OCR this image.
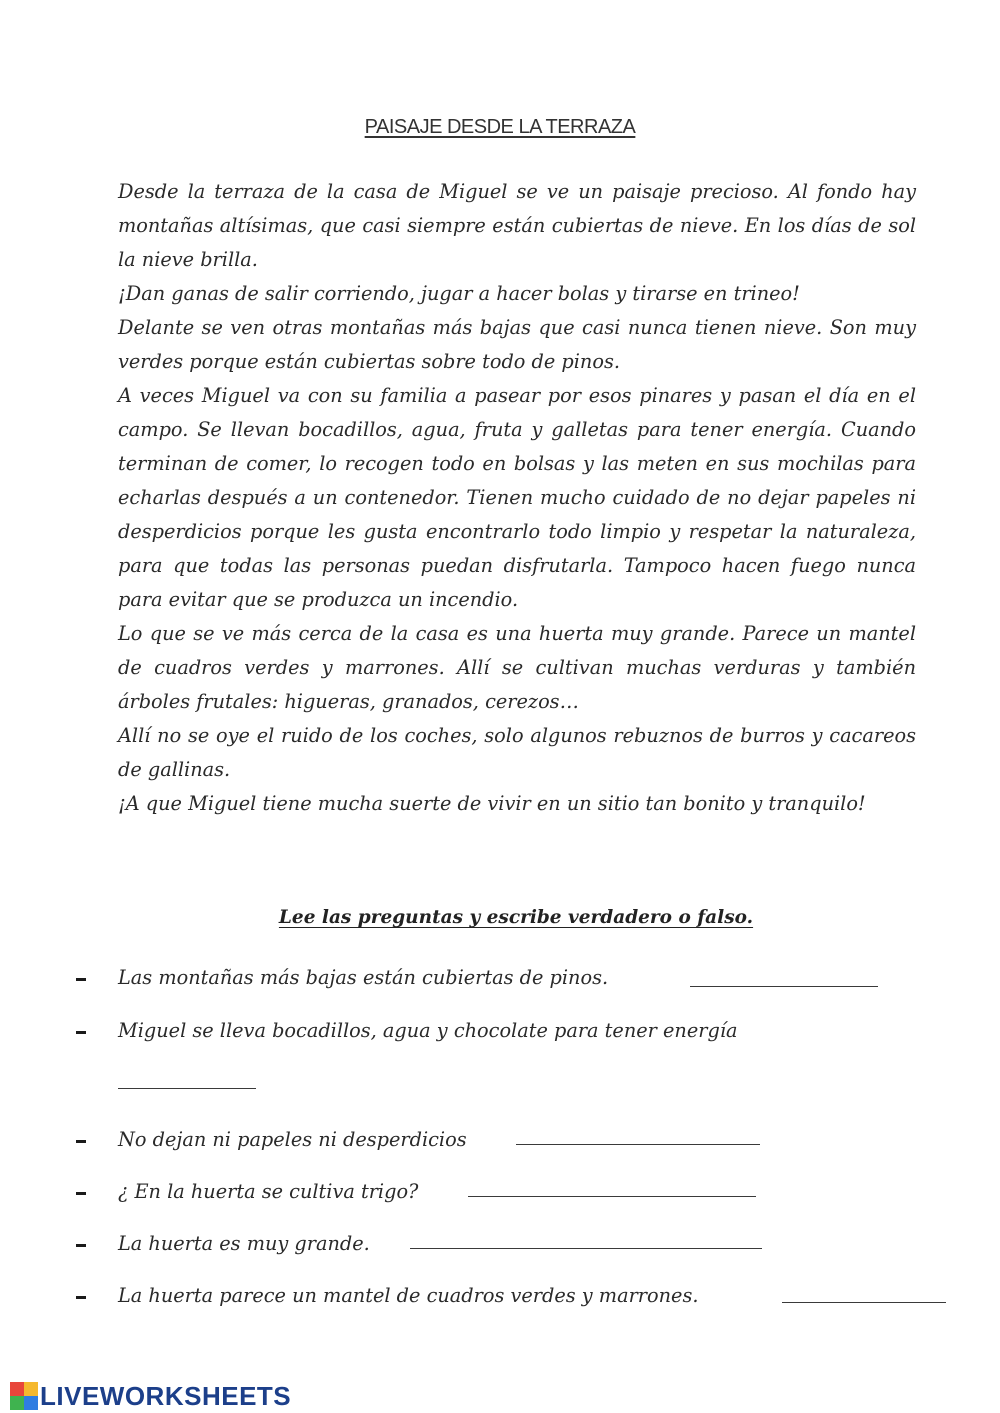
PAISAJE DESDE LA TERRAZA

Desde la terraza de la casa de Miguel se ve un paisaje precioso. Al fondo hay montañas altísimas, que casi siempre están cubiertas de nieve. En los días de sol la nieve brilla.

¡Dan ganas de salir corriendo, jugar a hacer bolas y tirarse en trineo!

Delante se ven otras montañas más bajas que casi nunca tienen nieve. Son muy verdes porque están cubiertas sobre todo de pinos.

A veces Miguel va con su familia a pasear por esos pinares y pasan el día en el campo. Se llevan bocadillos, agua, fruta y galletas para tener energía. Cuando terminan de comer, lo recogen todo en bolsas y las meten en sus mochilas para echarlas después a un contenedor. Tienen mucho cuidado de no dejar papeles ni desperdicios porque les gusta encontrarlo todo limpio y respetar la naturaleza, para que todas las personas puedan disfrutarla. Tampoco hacen fuego nunca para evitar que se produzca un incendio.

Lo que se ve más cerca de la casa es una huerta muy grande. Parece un mantel de cuadros verdes y marrones. Allí se cultivan muchas verduras y también árboles frutales: higueras, granados, cerezos…

Allí no se oye el ruido de los coches, solo algunos rebuznos de burros y cacareos de gallinas.

¡A que Miguel tiene mucha suerte de vivir en un sitio tan bonito y tranquilo!

Lee las preguntas y escribe verdadero o falso.
Las montañas más bajas están cubiertas de pinos.
Miguel se lleva bocadillos, agua y chocolate para tener energía
No dejan ni papeles ni desperdicios
¿ En la huerta se cultiva trigo?
La huerta es muy grande.
La huerta parece un mantel de cuadros verdes y marrones.
LIVEWORKSHEETS
